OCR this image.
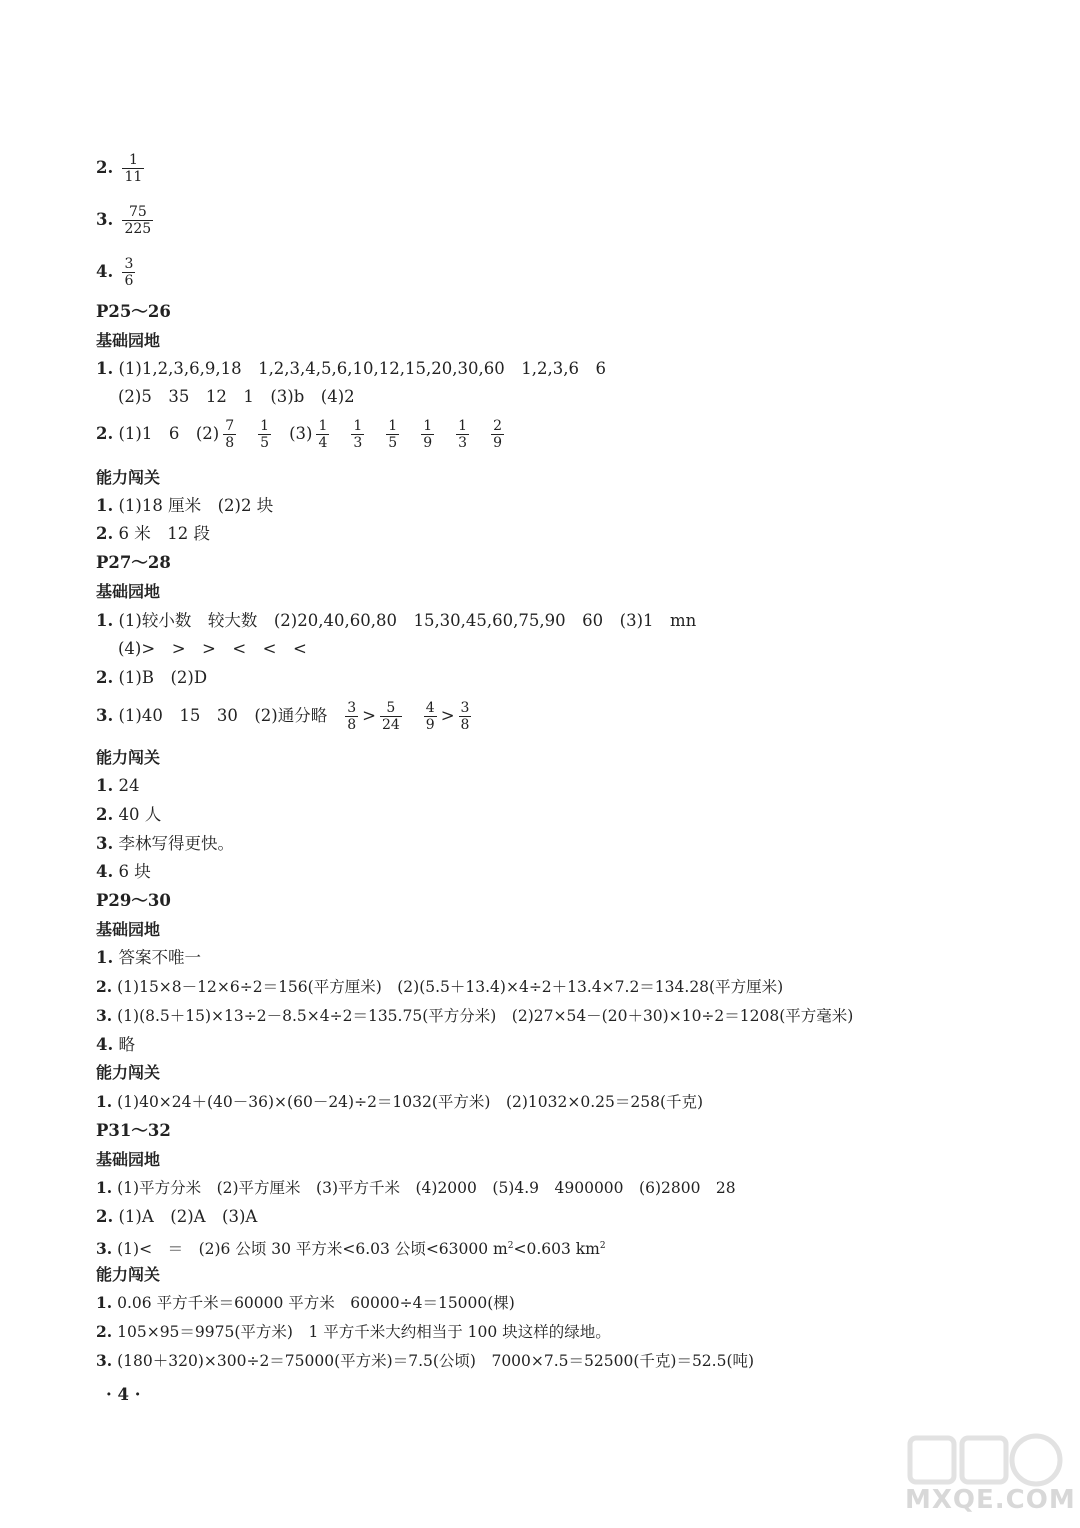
2. $\frac{1}{11}$
3. $\frac{75}{225}$
4. $\frac{3}{6}$
P25～26
基础园地
1. (1)1,2,3,6,9,18　1,2,3,4,5,6,10,12,15,20,30,60　1,2,3,6　6
(2)5　35　12　1　(3)b　(4)2
2. (1)1　6　$(2) \frac{7}{8} \frac{1}{5} (3) \frac{1}{4} \frac{1}{3} \frac{1}{5} \frac{1}{9} \frac{1}{3} \frac{2}{9}$
能力闯关
1. (1)18 厘米　(2)2 块
2. 6 米　12 段
P27～28
基础园地
1. (1)较小数　较大数　(2)20,40,60,80　15,30,45,60,75,90　60　(3)1　mn
(4)>　>　>　<　<　<
2. (1)B　(2)D
3. (1)40　15　30　(2)通分略 $\frac{3}{8} > \frac{5}{24} \frac{4}{9} > \frac{3}{8}$
能力闯关
1. 24
2. 40 人
3. 李林写得更快。
4. 6 块
P29～30
基础园地
1. 答案不唯一
2. (1)15×8－12×6÷2＝156(平方厘米)　(2)(5.5＋13.4)×4÷2＋13.4×7.2＝134.28(平方厘米)
3. (1)(8.5＋15)×13÷2－8.5×4÷2＝135.75(平方分米)　(2)27×54－(20＋30)×10÷2＝1208(平方毫米)
4. 略
能力闯关
1. (1)40×24＋(40－36)×(60－24)÷2＝1032(平方米)　(2)1032×0.25＝258(千克)
P31～32
基础园地
1. (1)平方分米　(2)平方厘米　(3)平方千米　(4)2000　(5)4.9　4900000　(6)2800　28
2. (1)A　(2)A　(3)A
3. (1)<　＝　(2)6 公顷 30 平方米<6.03 公顷<63000 $m^2<0.603$ $km^2$
能力闯关
1. 0.06 平方千米＝60000 平方米　60000÷4＝15000(棵)
2. 105×95＝9975(平方米)　1 平方千米大约相当于 100 块这样的绿地。
3. (180＋320)×300÷2＝75000(平方米)＝7.5(公顷)　7000×7.5＝52500(千克)＝52.5(吨)
· 4 ·
MXQE.COM
